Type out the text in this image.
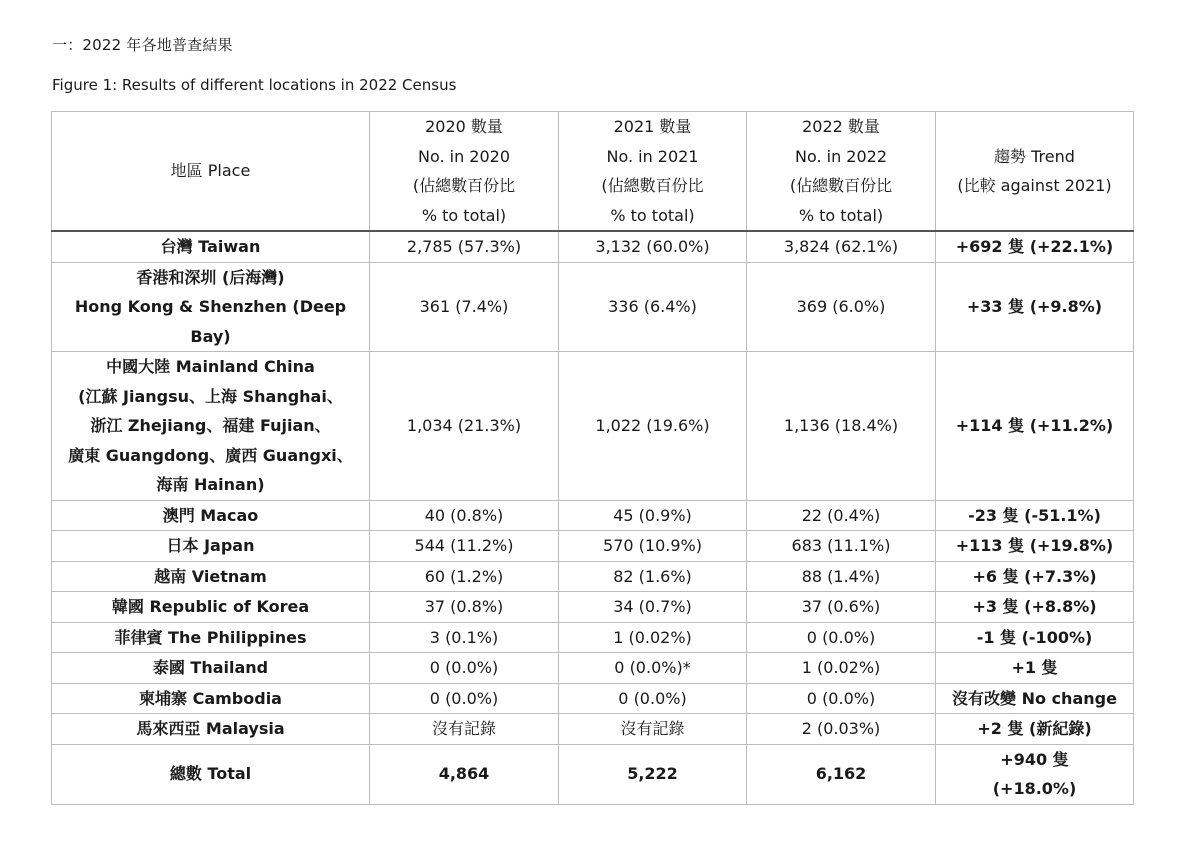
一：2022 年各地普查結果
Figure 1: Results of different locations in 2022 Census
地區 Place	2020 數量
No. in 2020
(佔總數百份比
% to total)	2021 數量
No. in 2021
(佔總數百份比
% to total)	2022 數量
No. in 2022
(佔總數百份比
% to total)	趨勢 Trend
(比較 against 2021)

台灣 Taiwan	2,785 (57.3%)	3,132 (60.0%)	3,824 (62.1%)	+692 隻 (+22.1%)

香港和深圳 (后海灣)
Hong Kong & Shenzhen (Deep Bay)	361 (7.4%)	336 (6.4%)	369 (6.0%)	+33 隻 (+9.8%)

中國大陸 Mainland China
(江蘇 Jiangsu、上海 Shanghai、
浙江 Zhejiang、福建 Fujian、
廣東 Guangdong、廣西 Guangxi、
海南 Hainan)	1,034 (21.3%)	1,022 (19.6%)	1,136 (18.4%)	+114 隻 (+11.2%)

澳門 Macao	40 (0.8%)	45 (0.9%)	22 (0.4%)	-23 隻 (-51.1%)

日本 Japan	544 (11.2%)	570 (10.9%)	683 (11.1%)	+113 隻 (+19.8%)

越南 Vietnam	60 (1.2%)	82 (1.6%)	88 (1.4%)	+6 隻 (+7.3%)

韓國 Republic of Korea	37 (0.8%)	34 (0.7%)	37 (0.6%)	+3 隻 (+8.8%)

菲律賓 The Philippines	3 (0.1%)	1 (0.02%)	0 (0.0%)	-1 隻 (-100%)

泰國 Thailand	0 (0.0%)	0 (0.0%)*	1 (0.02%)	+1 隻

柬埔寨 Cambodia	0 (0.0%)	0 (0.0%)	0 (0.0%)	沒有改變 No change

馬來西亞 Malaysia	沒有記錄	沒有記錄	2 (0.03%)	+2 隻 (新紀錄)

總數 Total	4,864	5,222	6,162	+940 隻
(+18.0%)
